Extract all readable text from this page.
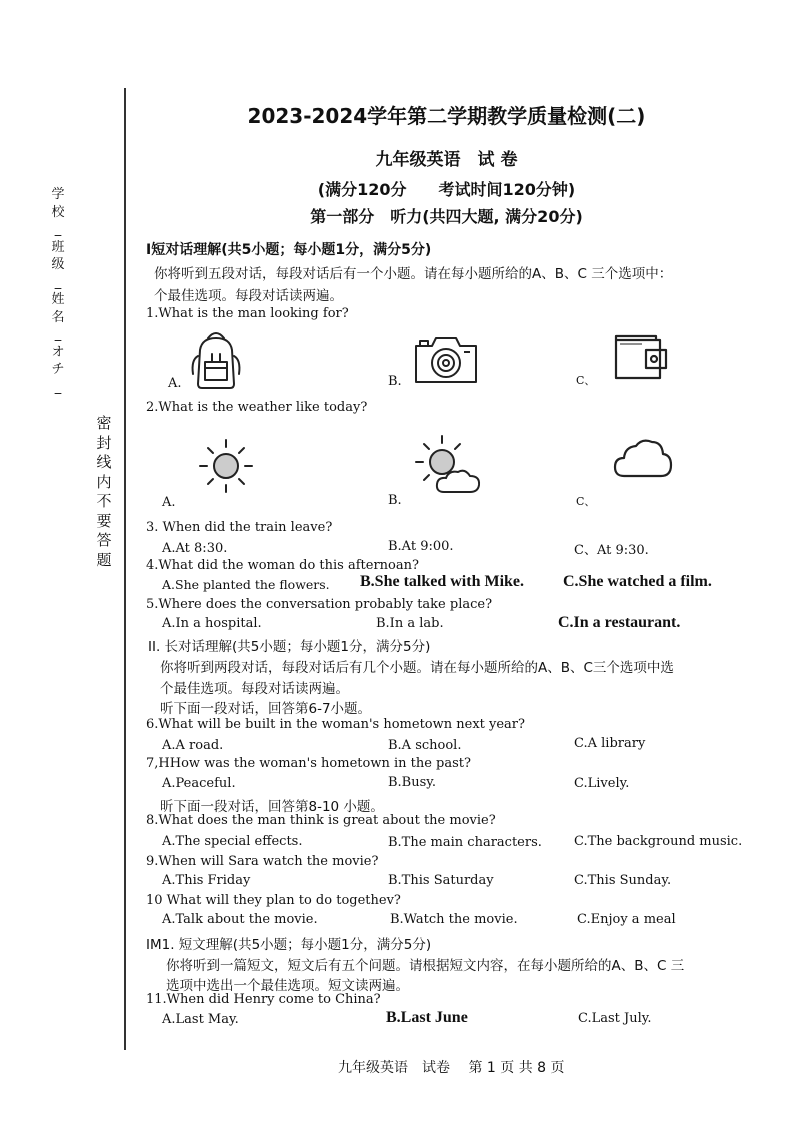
学
校
_
班
级
_
姓
名
_
オ
チ
_
密
封
线
内
不
要
答
题
2023-2024学年第二学期教学质量检测(二)
九年级英语　试 卷
(满分120分　　考试时间120分钟)
第一部分　听力(共四大题, 满分20分)
I短对话理解(共5小题；每小题1分，满分5分)
你将听到五段对话，每段对话后有一个小题。请在每小题所给的A、B、C 三个选项中：
个最佳选项。每段对话读两遍。
1.What is the man looking for?
A.	B.	C、
2.What is the weather like today?
A.	B.	C、
3. When did the train leave?
A.At 8:30.	B.At 9:00.	C、At 9:30.
4.What did the woman do this afternoan?
A.She planted the flowers. B.She talked with Mike. C.She watched a film.
5.Where does the conversation probably take place?
A.In a hospital.	B.In a lab.	C.In a restaurant.
II. 长对话理解(共5小题；每小题1分，满分5分)
你将听到两段对话，每段对话后有几个小题。请在每小题所给的A、B、C三个选项中选
个最佳选项。每段对话读两遍。
听下面一段对话，回答第6-7小题。
6.What will be built in the woman's hometown next year?
A.A road.	B.A school.	C.A library
7,HHow was the woman's hometown in the past?
A.Peaceful.	B.Busy.	C.Lively.
昕下面一段对话，回答第8-10 小题。
8.What does the man think is great about the movie?
A.The special effects.	B.The main characters. C.The background music.
9.When will Sara watch the movie?
A.This Friday	B.This Saturday	C.This Sunday.
10 What will they plan to do togethev?
A.Talk about the movie.	B.Watch the movie.	C.Enjoy a meal
IM1. 短文理解(共5小题；每小题1分，满分5分)
你将听到一篇短文，短文后有五个问题。请根据短文内容，在每小题所给的A、B、C 三
选项中选出一个最佳选项。短文读两遍。
11.When did Henry come to China?
A.Last May.	B.Last June	C.Last July.
九年级英语　试卷　 第 1 页 共 8 页
